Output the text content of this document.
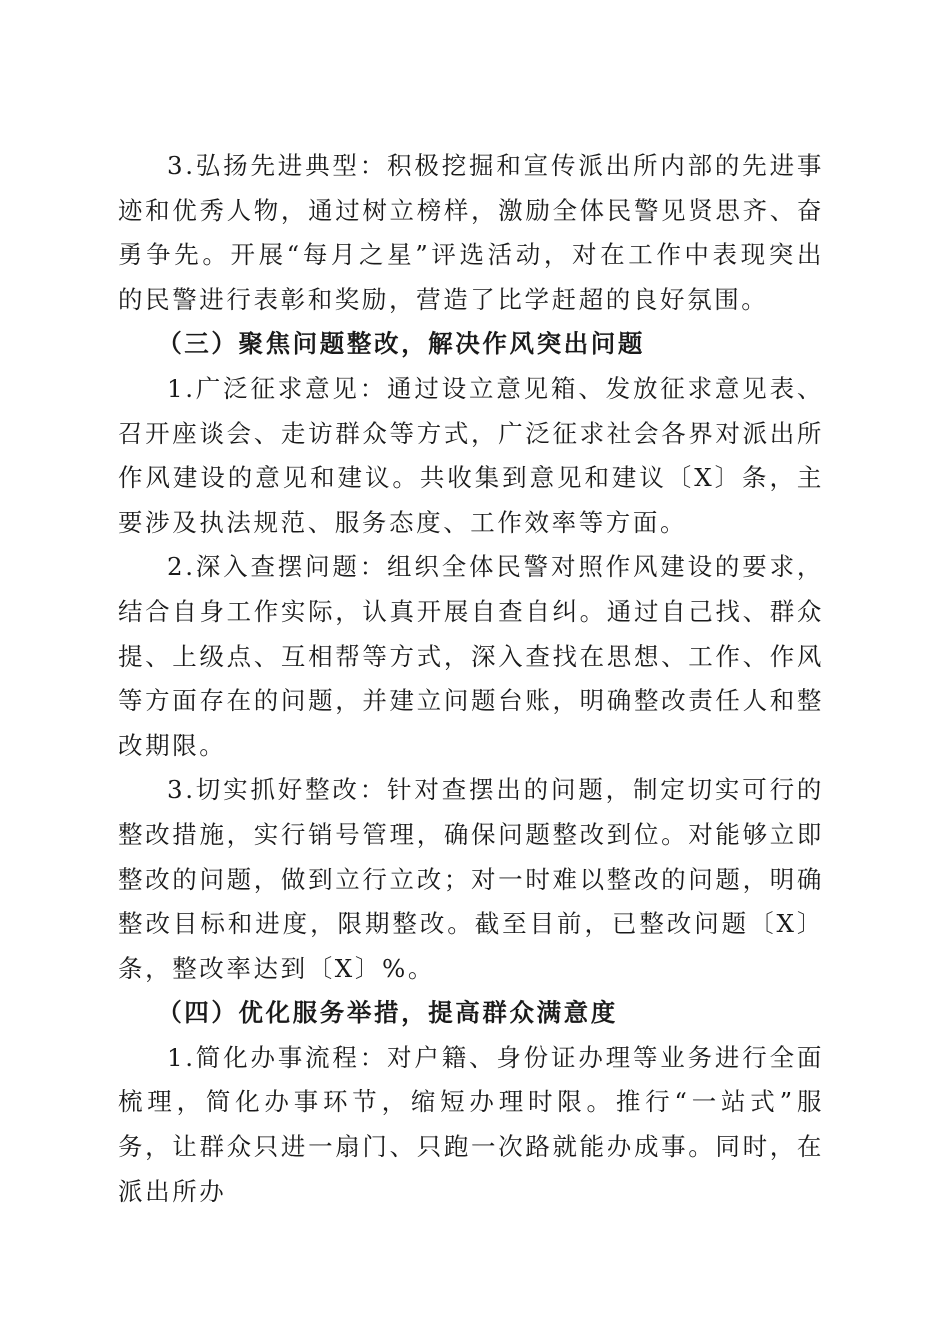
3.弘扬先进典型：积极挖掘和宣传派出所内部的先进事迹和优秀人物，通过树立榜样，激励全体民警见贤思齐、奋勇争先。开展“每月之星”评选活动，对在工作中表现突出的民警进行表彰和奖励，营造了比学赶超的良好氛围。

（三）聚焦问题整改，解决作风突出问题

1.广泛征求意见：通过设立意见箱、发放征求意见表、召开座谈会、走访群众等方式，广泛征求社会各界对派出所作风建设的意见和建议。共收集到意见和建议〔X〕条，主要涉及执法规范、服务态度、工作效率等方面。

2.深入查摆问题：组织全体民警对照作风建设的要求，结合自身工作实际，认真开展自查自纠。通过自己找、群众提、上级点、互相帮等方式，深入查找在思想、工作、作风等方面存在的问题，并建立问题台账，明确整改责任人和整改期限。

3.切实抓好整改：针对查摆出的问题，制定切实可行的整改措施，实行销号管理，确保问题整改到位。对能够立即整改的问题，做到立行立改；对一时难以整改的问题，明确整改目标和进度，限期整改。截至目前，已整改问题〔X〕条，整改率达到〔X〕%。

（四）优化服务举措，提高群众满意度

1.简化办事流程：对户籍、身份证办理等业务进行全面梳理，简化办事环节，缩短办理时限。推行“一站式”服务，让群众只进一扇门、只跑一次路就能办成事。同时，在派出所办
